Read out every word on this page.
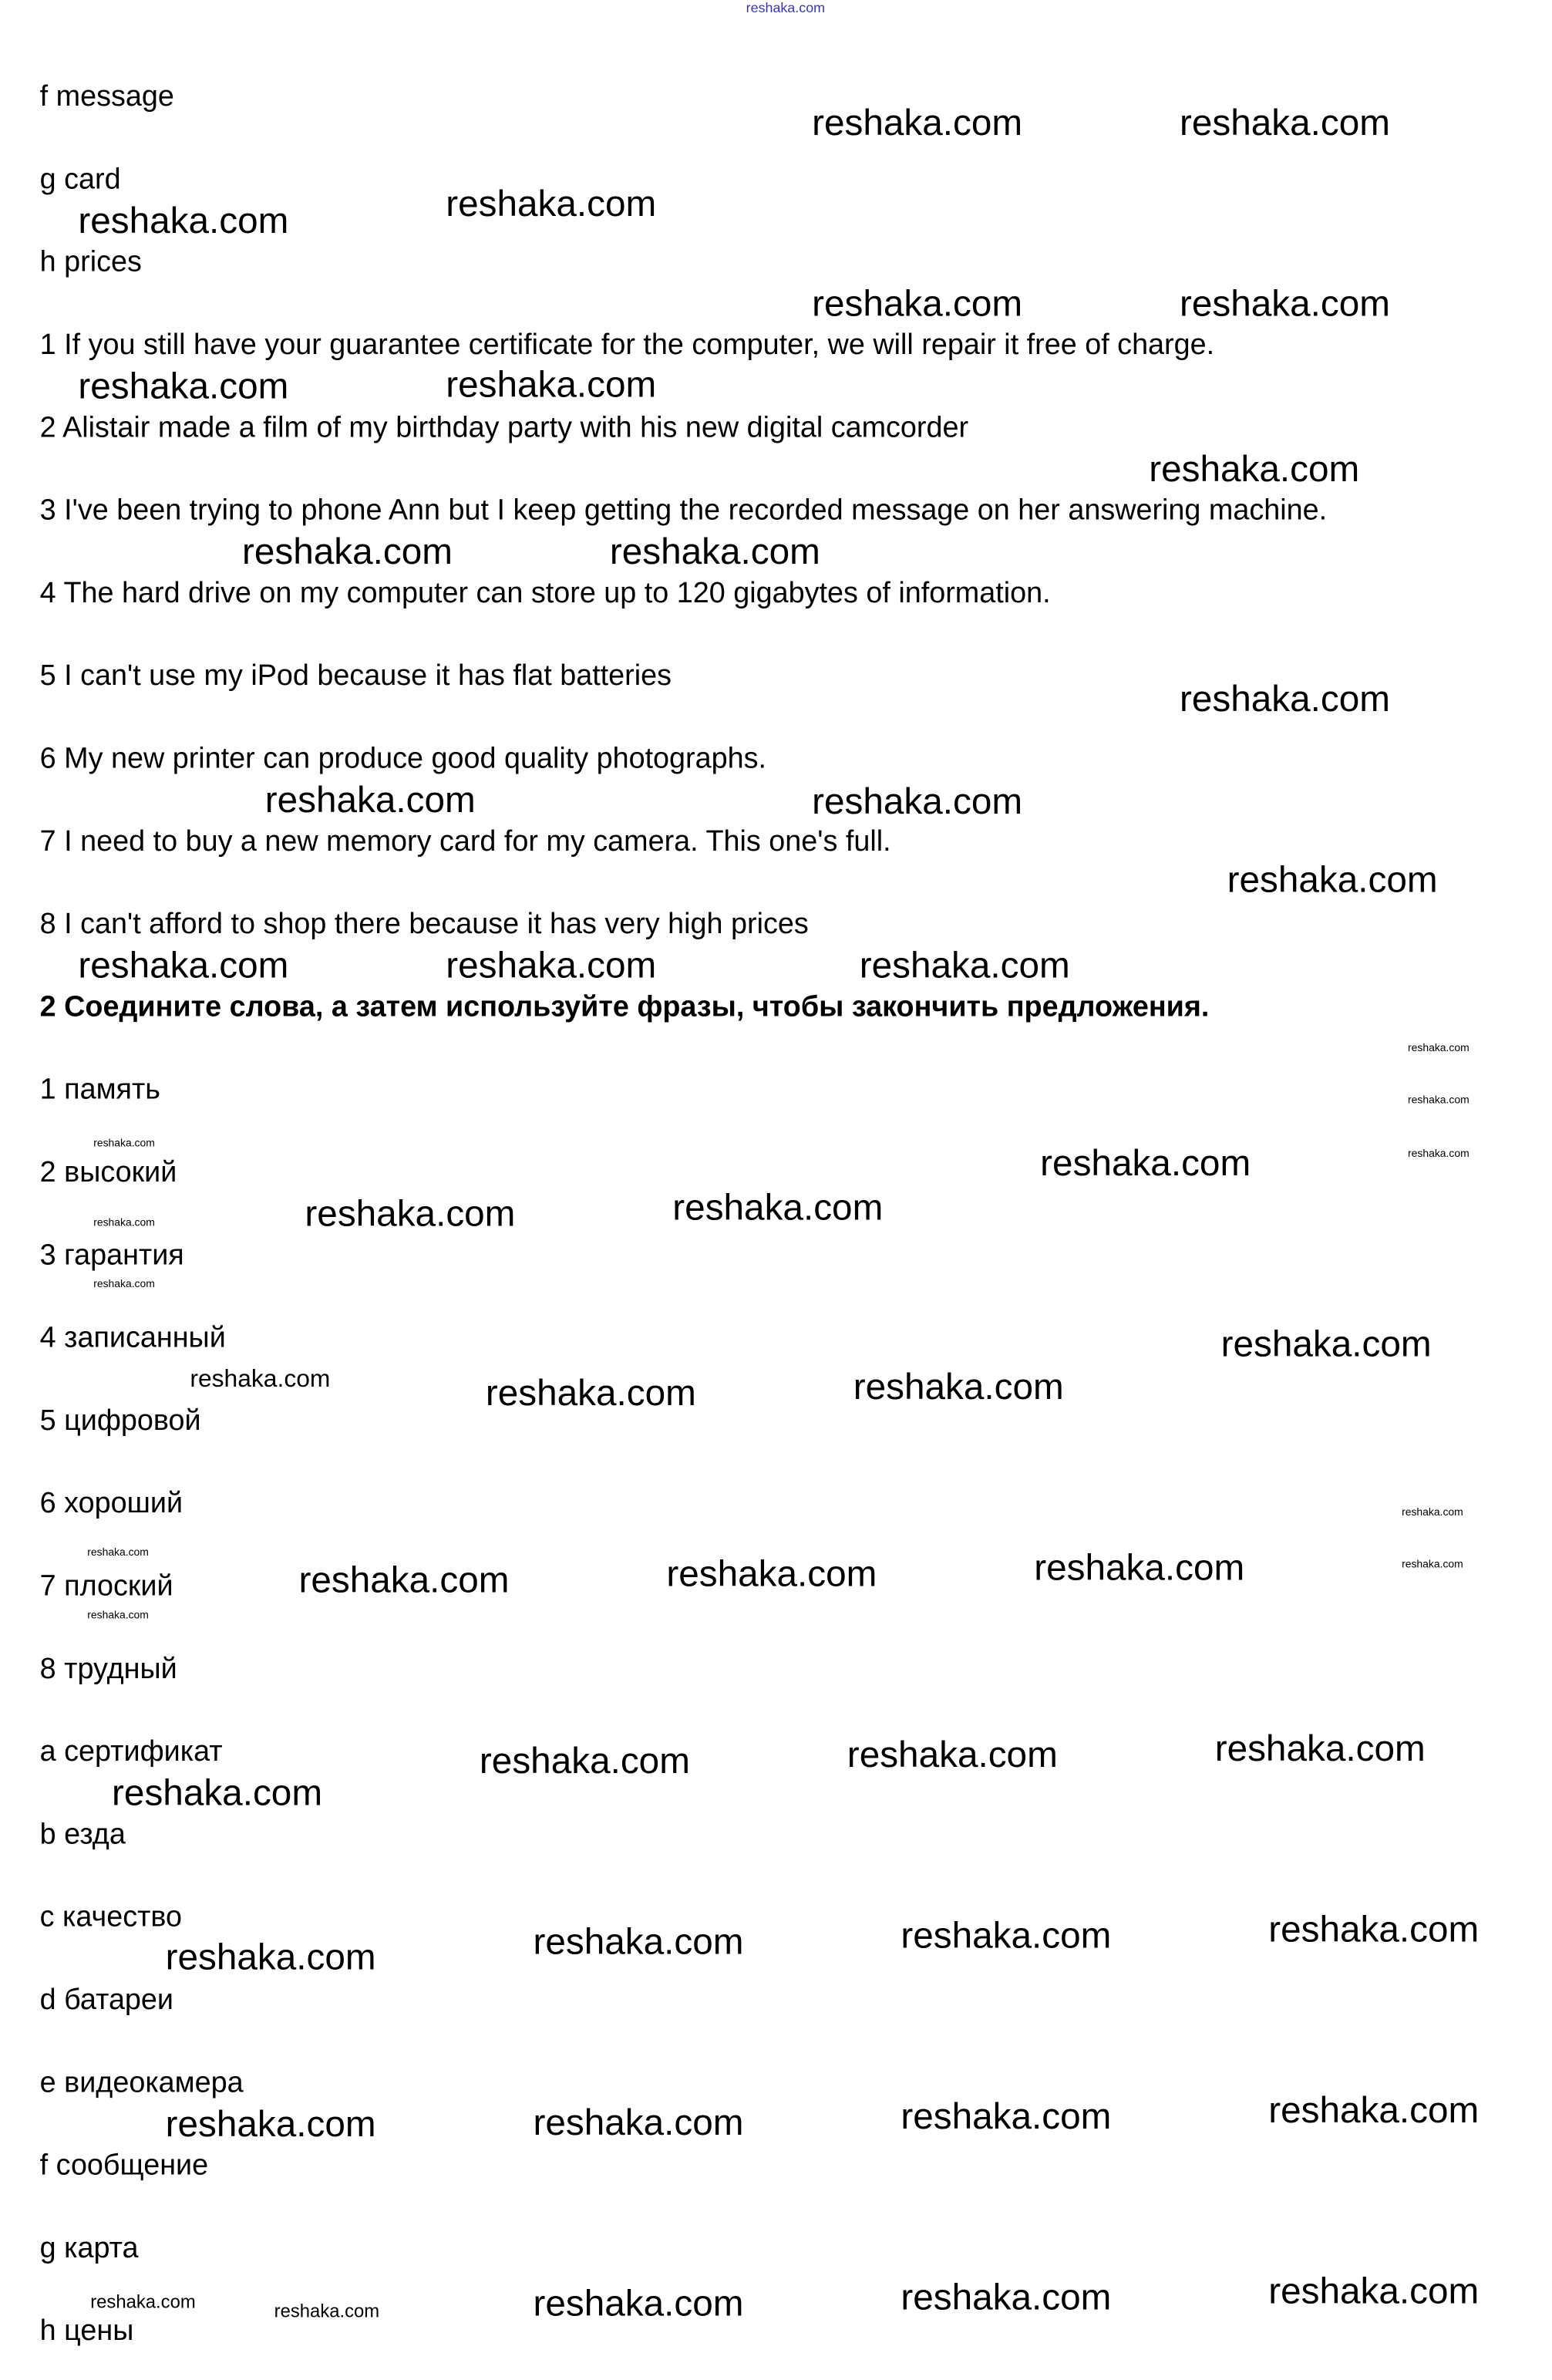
reshaka.com
f message
g card
h prices
1 If you still have your guarantee certificate for the computer, we will repair it free of charge.
2 Alistair made a film of my birthday party with his new digital camcorder
3 I've been trying to phone Ann but I keep getting the recorded message on her answering machine.
4 The hard drive on my computer can store up to 120 gigabytes of information.
5 I can't use my iPod because it has flat batteries
6 My new printer can produce good quality photographs.
7 I need to buy a new memory card for my camera. This one's full.
8 I can't afford to shop there because it has very high prices
2 Соедините слова, а затем используйте фразы, чтобы закончить предложения.
1 память
2 высокий
3 гарантия
4 записанный
5 цифровой
6 хороший
7 плоский
8 трудный
a сертификат
b езда
c качество
d батареи
e видеокамера
f сообщение
g карта
h цены
reshaka.com	reshaka.com
reshaka.com	reshaka.com
reshaka.com	reshaka.com
reshaka.com	reshaka.com
reshaka.com
reshaka.com	reshaka.com
reshaka.com
reshaka.com	reshaka.com
reshaka.com
reshaka.com	reshaka.com	reshaka.com
reshaka.com
reshaka.com	reshaka.com
reshaka.com
reshaka.com	reshaka.com
reshaka.com	reshaka.com	reshaka.com
reshaka.com
reshaka.com	reshaka.com	reshaka.com
reshaka.com	reshaka.com	reshaka.com	reshaka.com
reshaka.com	reshaka.com	reshaka.com	reshaka.com
reshaka.com	reshaka.com	reshaka.com
reshaka.com
reshaka.com
reshaka.com
reshaka.com
reshaka.com
reshaka.com
reshaka.com
reshaka.com
reshaka.com
reshaka.com
reshaka.com
reshaka.com	reshaka.com
